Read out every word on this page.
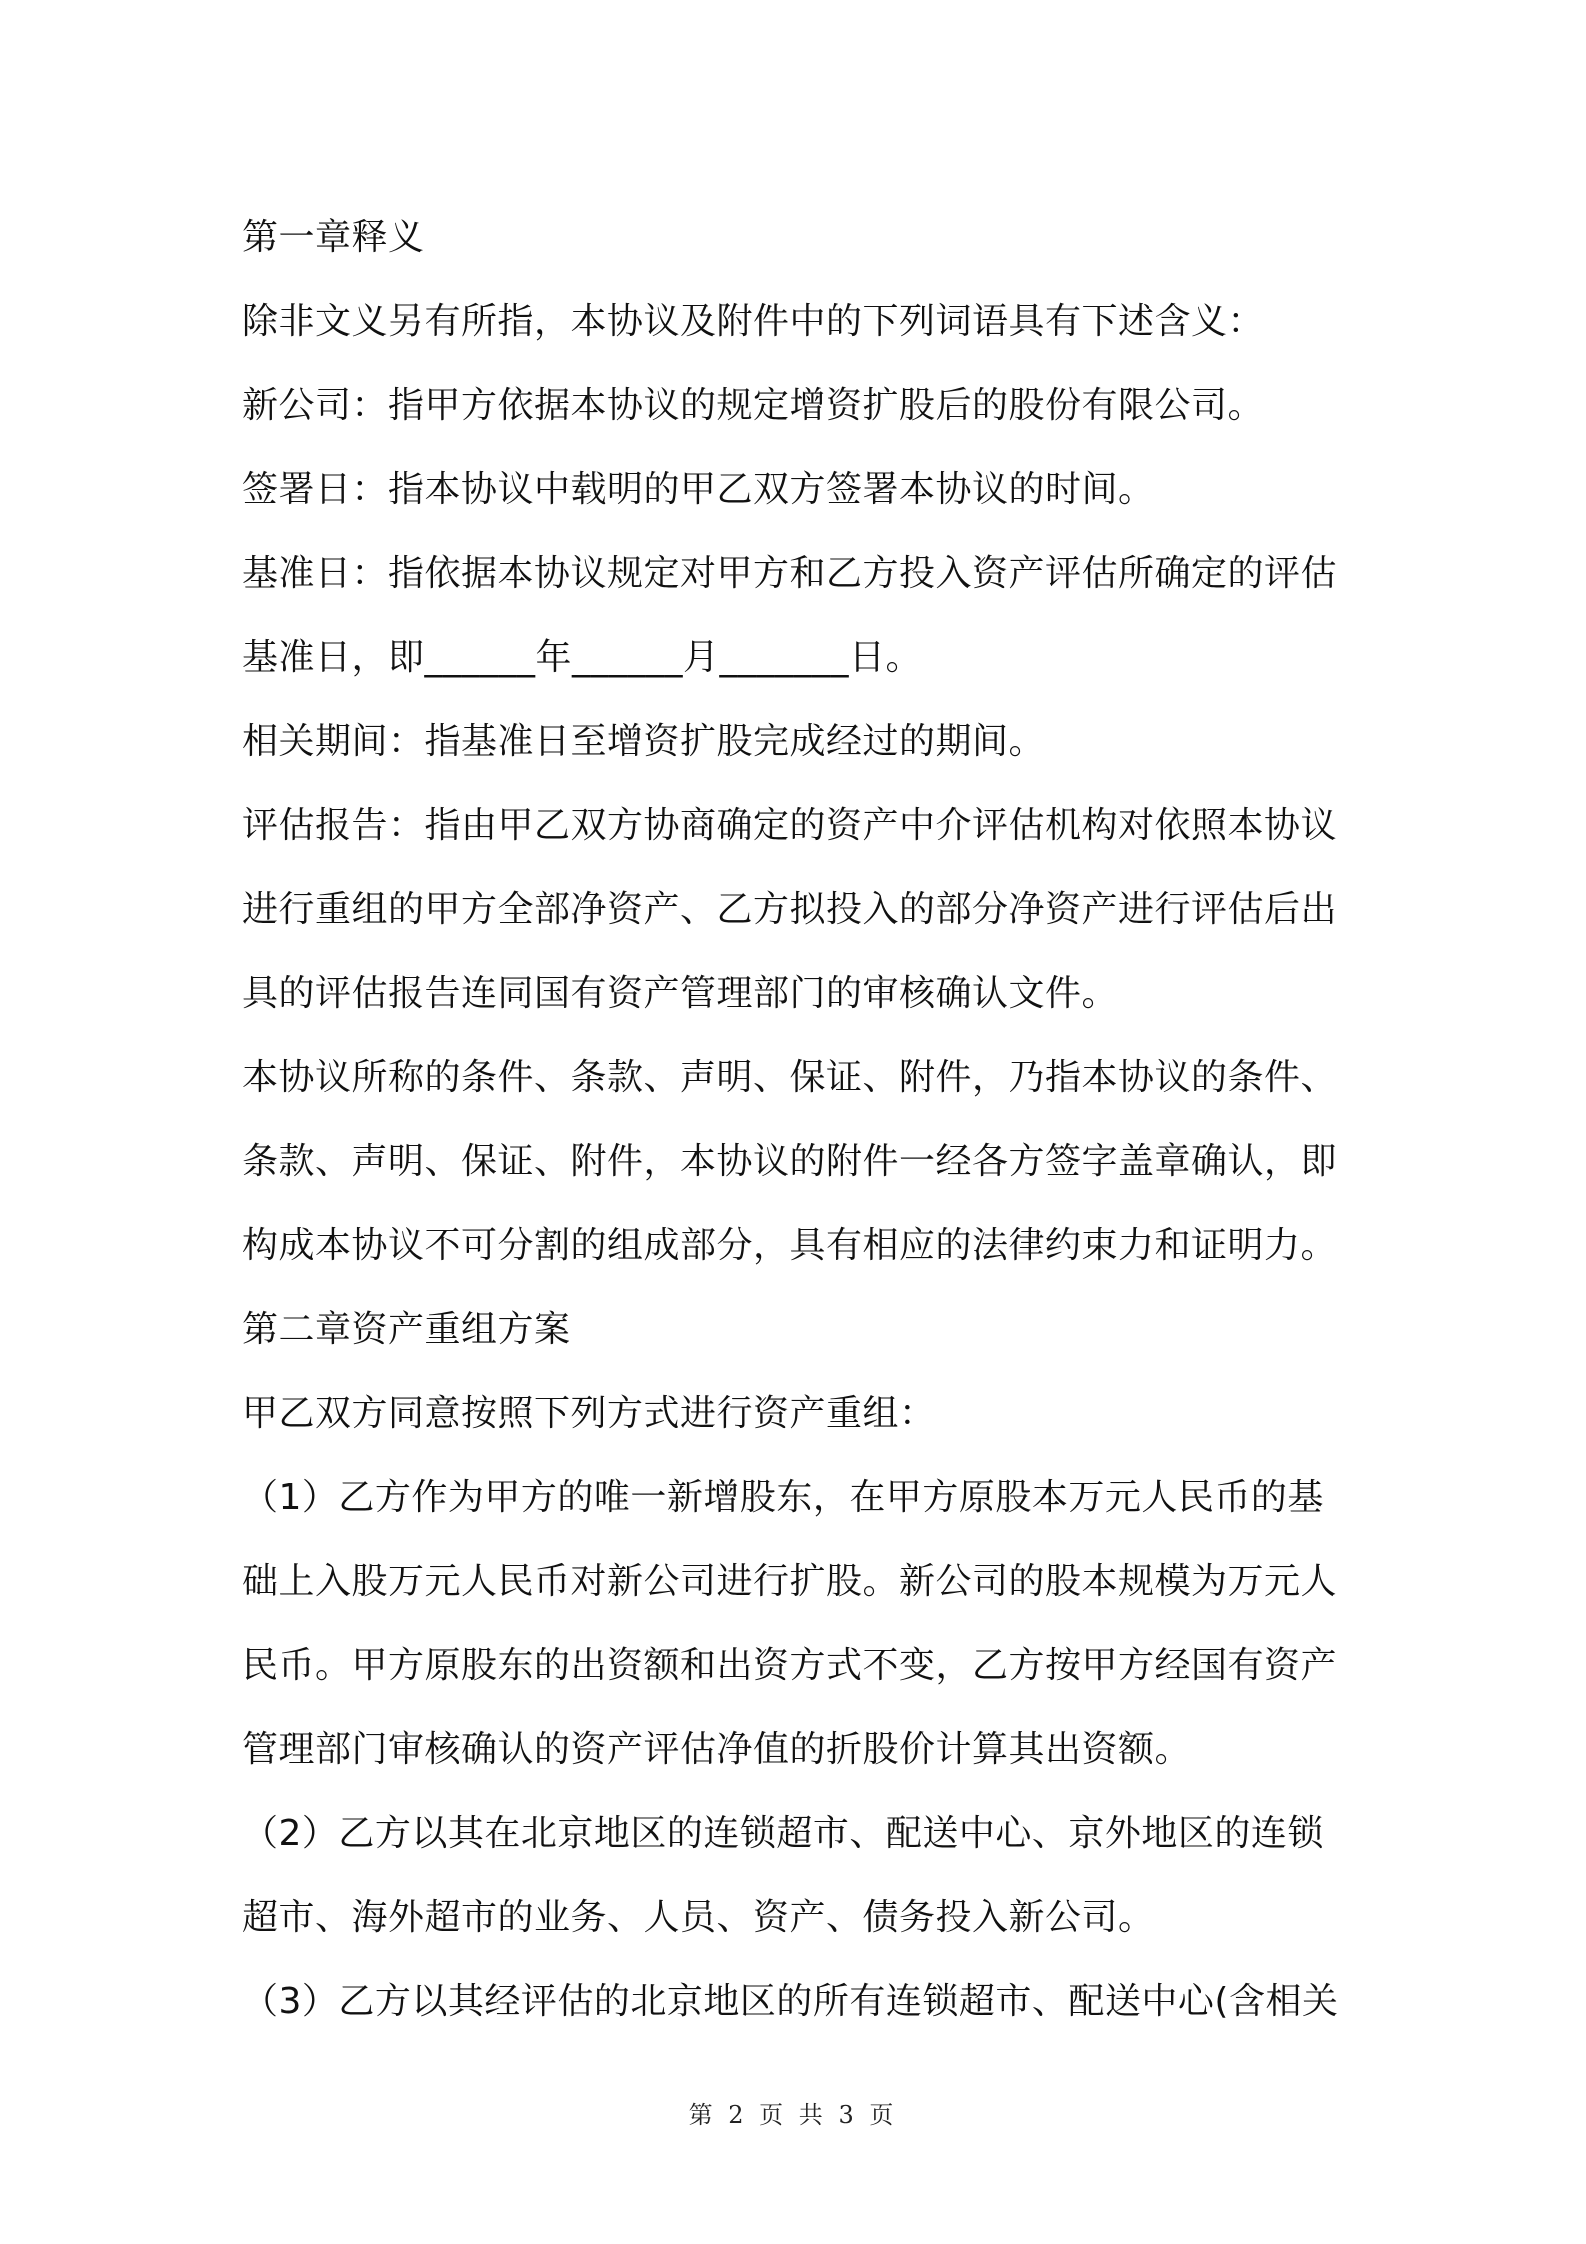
第一章释义
除非文义另有所指，本协议及附件中的下列词语具有下述含义：
新公司：指甲方依据本协议的规定增资扩股后的股份有限公司。
签署日：指本协议中载明的甲乙双方签署本协议的时间。
基准日：指依据本协议规定对甲方和乙方投入资产评估所确定的评估
基准日，即______年______月_______日。
相关期间：指基准日至增资扩股完成经过的期间。
评估报告：指由甲乙双方协商确定的资产中介评估机构对依照本协议
进行重组的甲方全部净资产、乙方拟投入的部分净资产进行评估后出
具的评估报告连同国有资产管理部门的审核确认文件。
本协议所称的条件、条款、声明、保证、附件，乃指本协议的条件、
条款、声明、保证、附件，本协议的附件一经各方签字盖章确认，即
构成本协议不可分割的组成部分，具有相应的法律约束力和证明力。
第二章资产重组方案
甲乙双方同意按照下列方式进行资产重组：
（1）乙方作为甲方的唯一新增股东，在甲方原股本万元人民币的基
础上入股万元人民币对新公司进行扩股。新公司的股本规模为万元人
民币。甲方原股东的出资额和出资方式不变，乙方按甲方经国有资产
管理部门审核确认的资产评估净值的折股价计算其出资额。
（2）乙方以其在北京地区的连锁超市、配送中心、京外地区的连锁
超市、海外超市的业务、人员、资产、债务投入新公司。
（3）乙方以其经评估的北京地区的所有连锁超市、配送中心(含相关
第 2 页 共 3 页
